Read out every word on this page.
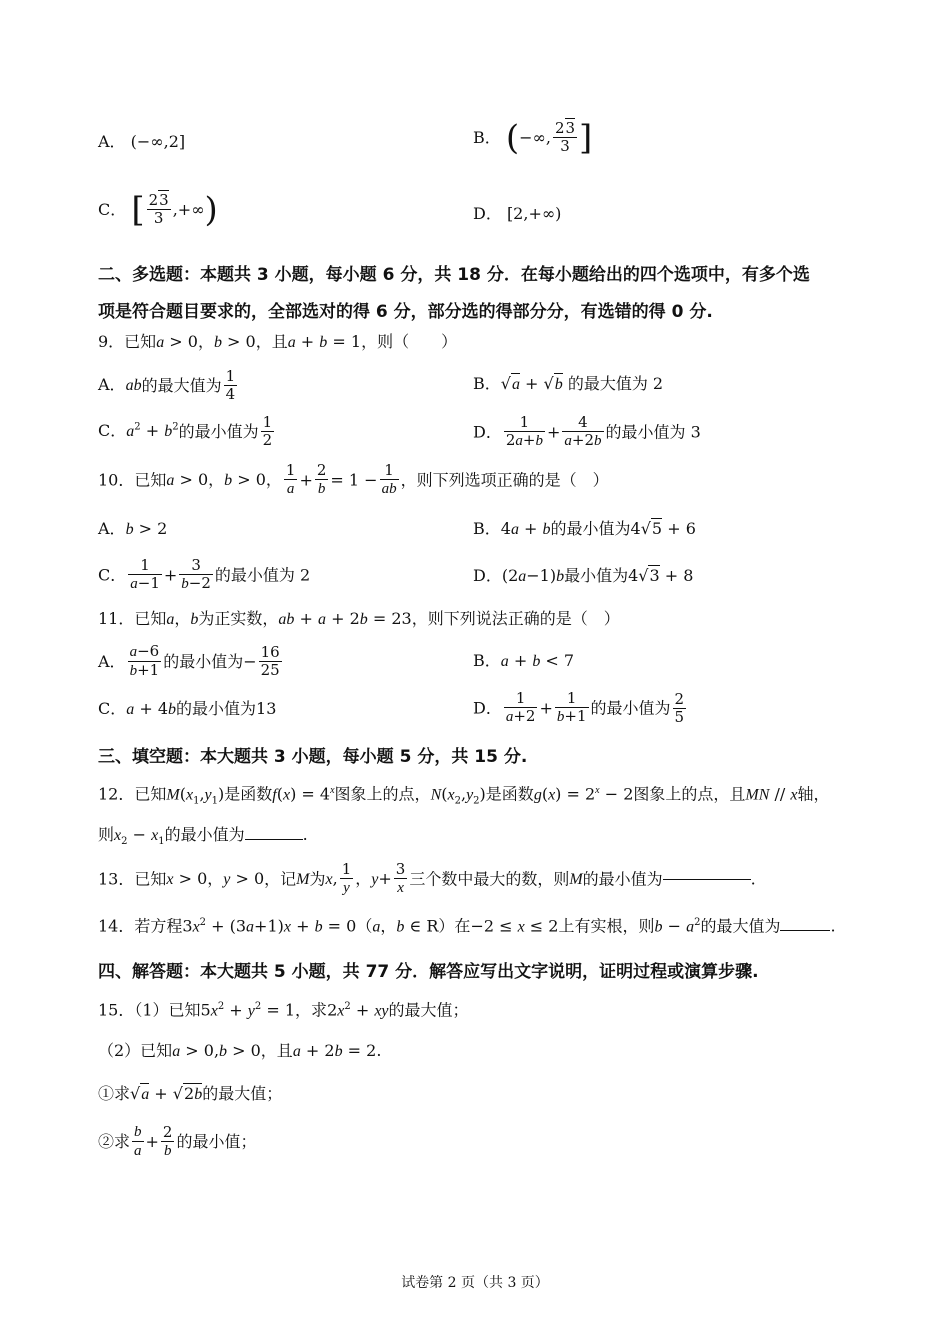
A． (−∞,2]	B． (−∞, $\frac{23}{3}$ ]
C． [ $\frac{23}{3}$ ,+∞)	D． [2,+∞)
二、多选题：本题共 3 小题，每小题 6 分，共 18 分．在每小题给出的四个选项中，有多个选
项是符合题目要求的，全部选对的得 6 分，部分选的得部分分，有选错的得 0 分.
9．已知a > 0，b > 0，且a + b = 1，则（　　）
A．ab的最大值为 $\frac{1}{4}$	B．√a + √b 的最大值为 2
C．$a^2 + b^2$的最小值为 $\frac{1}{2}$	D． $\frac{1}{2a+b} + \frac{4}{a+2b}$ 的最小值为 3
10．已知a > 0，b > 0， $\frac{1}{a} + \frac{2}{b} = 1 - \frac{1}{ab}$ ，则下列选项正确的是（　）
A．b > 2	B．4a + b的最小值为4√5 + 6
C． $\frac{1}{a-1} + \frac{3}{b-2}$ 的最小值为 2	D．(2a−1)b最小值为4√3 + 8
11．已知a，b为正实数，ab + a + 2b = 23，则下列说法正确的是（　）
A． $\frac{a-6}{b+1}$ 的最小值为− $\frac{16}{25}$	B．a + b < 7
C．a + 4b的最小值为13	D． $\frac{1}{a+2} + \frac{1}{b+1}$ 的最小值为 $\frac{2}{5}$
三、填空题：本大题共 3 小题，每小题 5 分，共 15 分.
12．已知$M(x_1,y_1)$是函数$f(x) = 4^x$图象上的点，$N(x_2,y_2)$是函数$g(x) = 2^x - 2$图象上的点，且MN // x轴，
则$x_2 - x_1$的最小值为	.
13．已知x > 0，y > 0，记M为x, $\frac{1}{y}$ ，$y+ \frac{3}{x}$ 三个数中最大的数，则M的最小值为	.
14．若方程$3x^2 + (3a+1)x + b = 0(a$，b ∈ R）在−2 ≤ x ≤ 2上有实根，则$b - a^2$的最大值为	.
四、解答题：本大题共 5 小题，共 77 分．解答应写出文字说明，证明过程或演算步骤.
15．（1）已知$5x^2 + y^2 = 1$，求$2x^2$ + xy的最大值；
（2）已知a > 0,b > 0，且a + 2b = 2.
①求√a + √2b的最大值；
②求 $\frac{b}{a} + \frac{2}{b}$ 的最小值；
试卷第 2 页（共 3 页）
